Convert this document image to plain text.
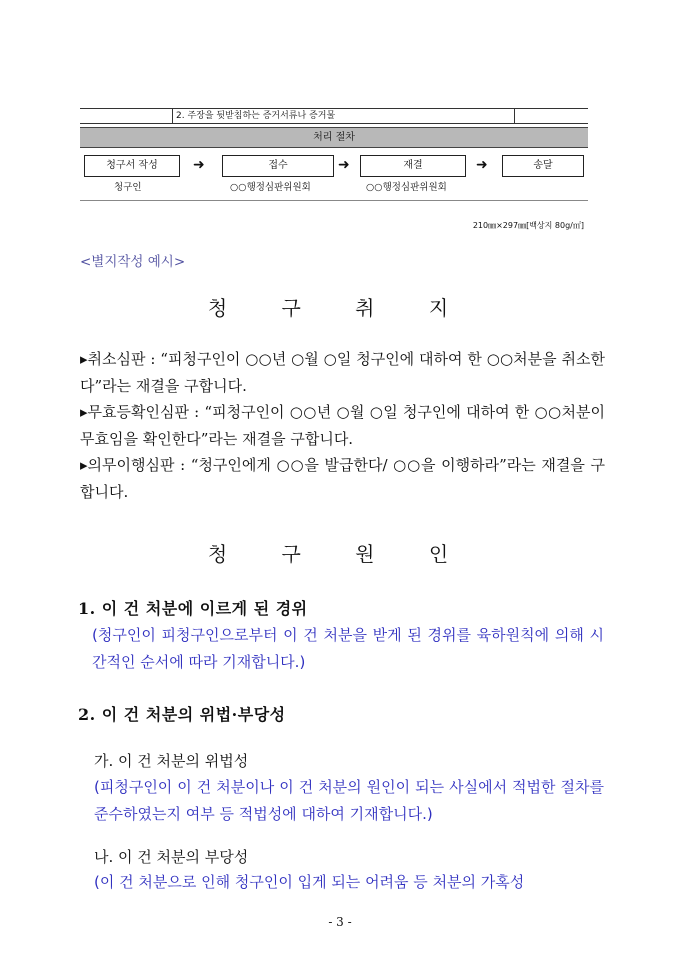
2. 주장을 뒷받침하는 증거서류나 증거물
처리 절차
청구서 작성	➜	접수	➜	재결	➜	송달
청구인	○○행정심판위원회	○○행정심판위원회
210㎜×297㎜[백상지 80g/㎡]
<별지작성 예시>
청 구 취 지

▸취소심판 : “피청구인이 ○○년 ○월 ○일 청구인에 대하여 한 ○○처분을 취소한다”라는 재결을 구합니다.

▸무효등확인심판 : “피청구인이 ○○년 ○월 ○일 청구인에 대하여 한 ○○처분이 무효임을 확인한다”라는 재결을 구합니다.

▸의무이행심판 : “청구인에게 ○○을 발급한다/ ○○을 이행하라”라는 재결을 구합니다.

청 구 원 인
1. 이 건 처분에 이르게 된 경위

(청구인이 피청구인으로부터 이 건 처분을 받게 된 경위를 육하원칙에 의해 시간적인 순서에 따라 기재합니다.)

2. 이 건 처분의 위법·부당성
가. 이 건 처분의 위법성

(피청구인이 이 건 처분이나 이 건 처분의 원인이 되는 사실에서 적법한 절차를 준수하였는지 여부 등 적법성에 대하여 기재합니다.)

나. 이 건 처분의 부당성

(이 건 처분으로 인해 청구인이 입게 되는 어려움 등 처분의 가혹성

- 3 -
